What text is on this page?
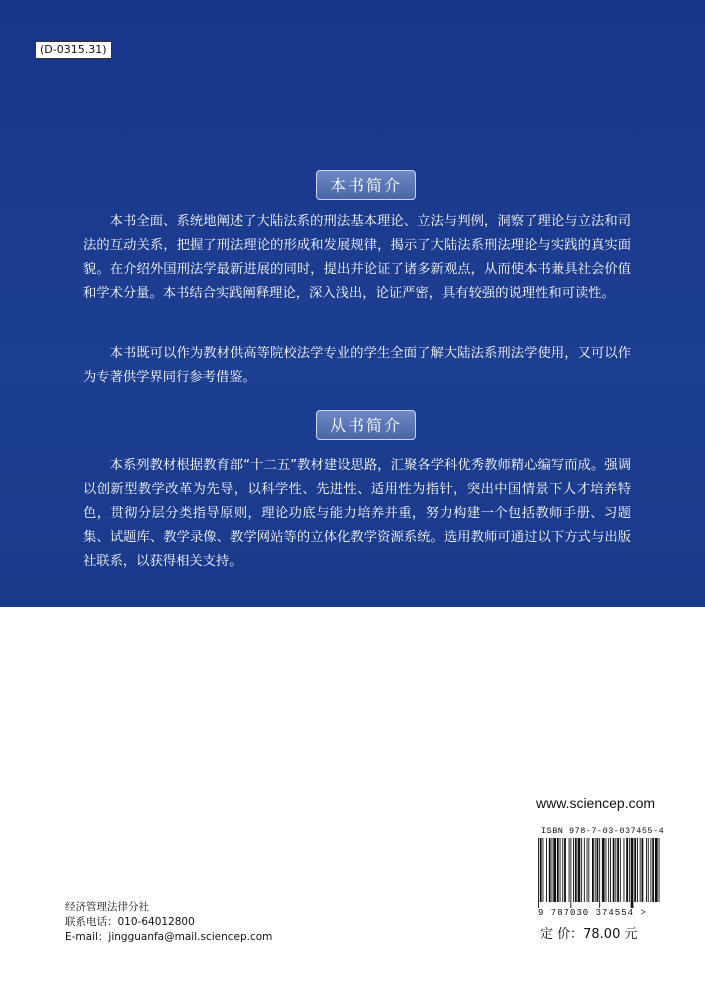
(D-0315.31)
本书简介

本书全面、系统地阐述了大陆法系的刑法基本理论、立法与判例，洞察了理论与立法和司法的互动关系，把握了刑法理论的形成和发展规律，揭示了大陆法系刑法理论与实践的真实面貌。在介绍外国刑法学最新进展的同时，提出并论证了诸多新观点，从而使本书兼具社会价值和学术分量。本书结合实践阐释理论，深入浅出，论证严密，具有较强的说理性和可读性。

本书既可以作为教材供高等院校法学专业的学生全面了解大陆法系刑法学使用，又可以作为专著供学界同行参考借鉴。

从书简介

本系列教材根据教育部“十二五”教材建设思路，汇聚各学科优秀教师精心编写而成。强调以创新型教学改革为先导，以科学性、先进性、适用性为指针，突出中国情景下人才培养特色，贯彻分层分类指导原则，理论功底与能力培养并重，努力构建一个包括教师手册、习题集、试题库、教学录像、教学网站等的立体化教学资源系统。选用教师可通过以下方式与出版社联系，以获得相关支持。

www.sciencep.com
ISBN 978-7-03-037455-4
9 787030 374554 >
定 价：78.00 元
经济管理法律分社
联系电话：010-64012800
E-mail：jingguanfa@mail.sciencep.com
